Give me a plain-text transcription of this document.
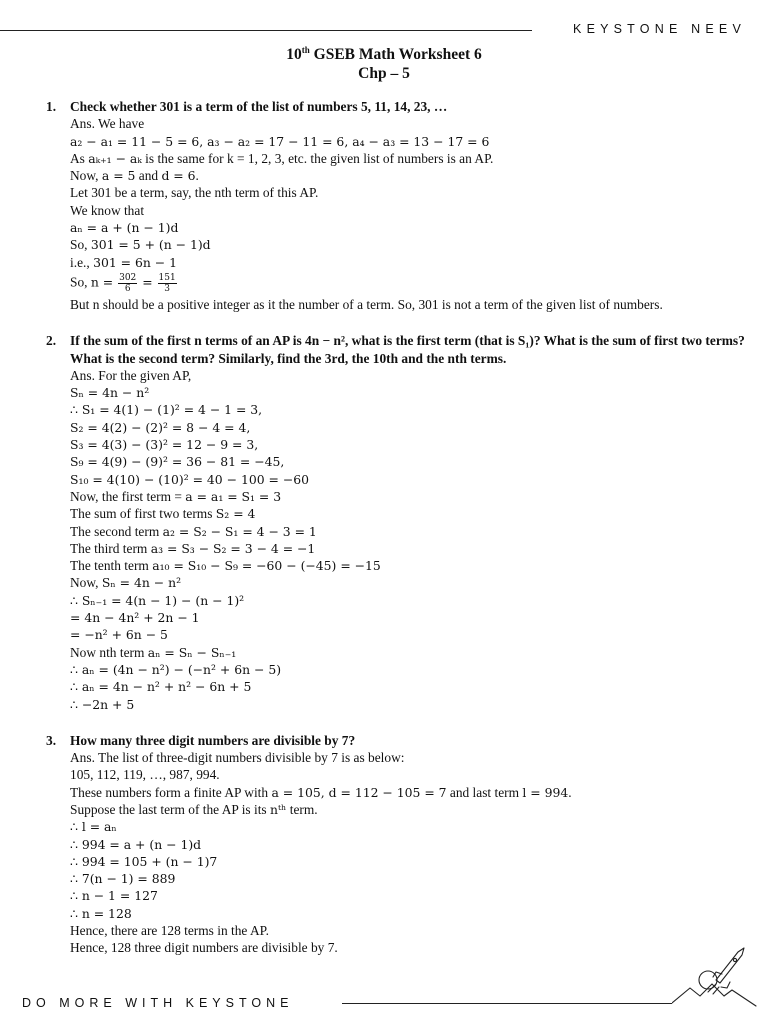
KEYSTONE NEEV
10th GSEB Math Worksheet 6
Chp – 5
1. Check whether 301 is a term of the list of numbers 5, 11, 14, 23, …
Ans. We have
a₂ − a₁ = 11 − 5 = 6, a₃ − a₂ = 17 − 11 = 6, a₄ − a₃ = 13 − 17 = 6
As aₖ₊₁ − aₖ is the same for k = 1, 2, 3, etc. the given list of numbers is an AP.
Now, a = 5 and d = 6.
Let 301 be a term, say, the nth term of this AP.
We know that
aₙ = a + (n − 1)d
So, 301 = 5 + (n − 1)d
i.e., 301 = 6n − 1
So, $n = \frac{302}{6} = \frac{151}{3}$
But n should be a positive integer as it the number of a term. So, 301 is not a term of the given list of numbers.
2. If the sum of the first n terms of an AP is 4n − n², what is the first term (that is S₁)? What is the sum of first two terms? What is the second term? Similarly, find the 3rd, the 10th and the nth terms.
Ans. For the given AP,
Sₙ = 4n − n²
∴ S₁ = 4(1) − (1)² = 4 − 1 = 3,
S₂ = 4(2) − (2)² = 8 − 4 = 4,
S₃ = 4(3) − (3)² = 12 − 9 = 3,
S₉ = 4(9) − (9)² = 36 − 81 = −45,
S₁₀ = 4(10) − (10)² = 40 − 100 = −60
Now, the first term = a = a₁ = S₁ = 3
The sum of first two terms S₂ = 4
The second term a₂ = S₂ − S₁ = 4 − 3 = 1
The third term a₃ = S₃ − S₂ = 3 − 4 = −1
The tenth term a₁₀ = S₁₀ − S₉ = −60 − (−45) = −15
Now, Sₙ = 4n − n²
∴ Sₙ₋₁ = 4(n − 1) − (n − 1)²
= 4n − 4n² + 2n − 1
= −n² + 6n − 5
Now nth term aₙ = Sₙ − Sₙ₋₁
∴ aₙ = (4n − n²) − (−n² + 6n − 5)
∴ aₙ = 4n − n² + n² − 6n + 5
∴ −2n + 5
3. How many three digit numbers are divisible by 7?
Ans. The list of three-digit numbers divisible by 7 is as below:
105, 112, 119, …, 987, 994.
These numbers form a finite AP with a = 105, d = 112 − 105 = 7 and last term l = 994.
Suppose the last term of the AP is its nᵗʰ term.
∴ l = aₙ
∴ 994 = a + (n − 1)d
∴ 994 = 105 + (n − 1)7
∴ 7(n − 1) = 889
∴ n − 1 = 127
∴ n = 128
Hence, there are 128 terms in the AP.
Hence, 128 three digit numbers are divisible by 7.
DO MORE WITH KEYSTONE
